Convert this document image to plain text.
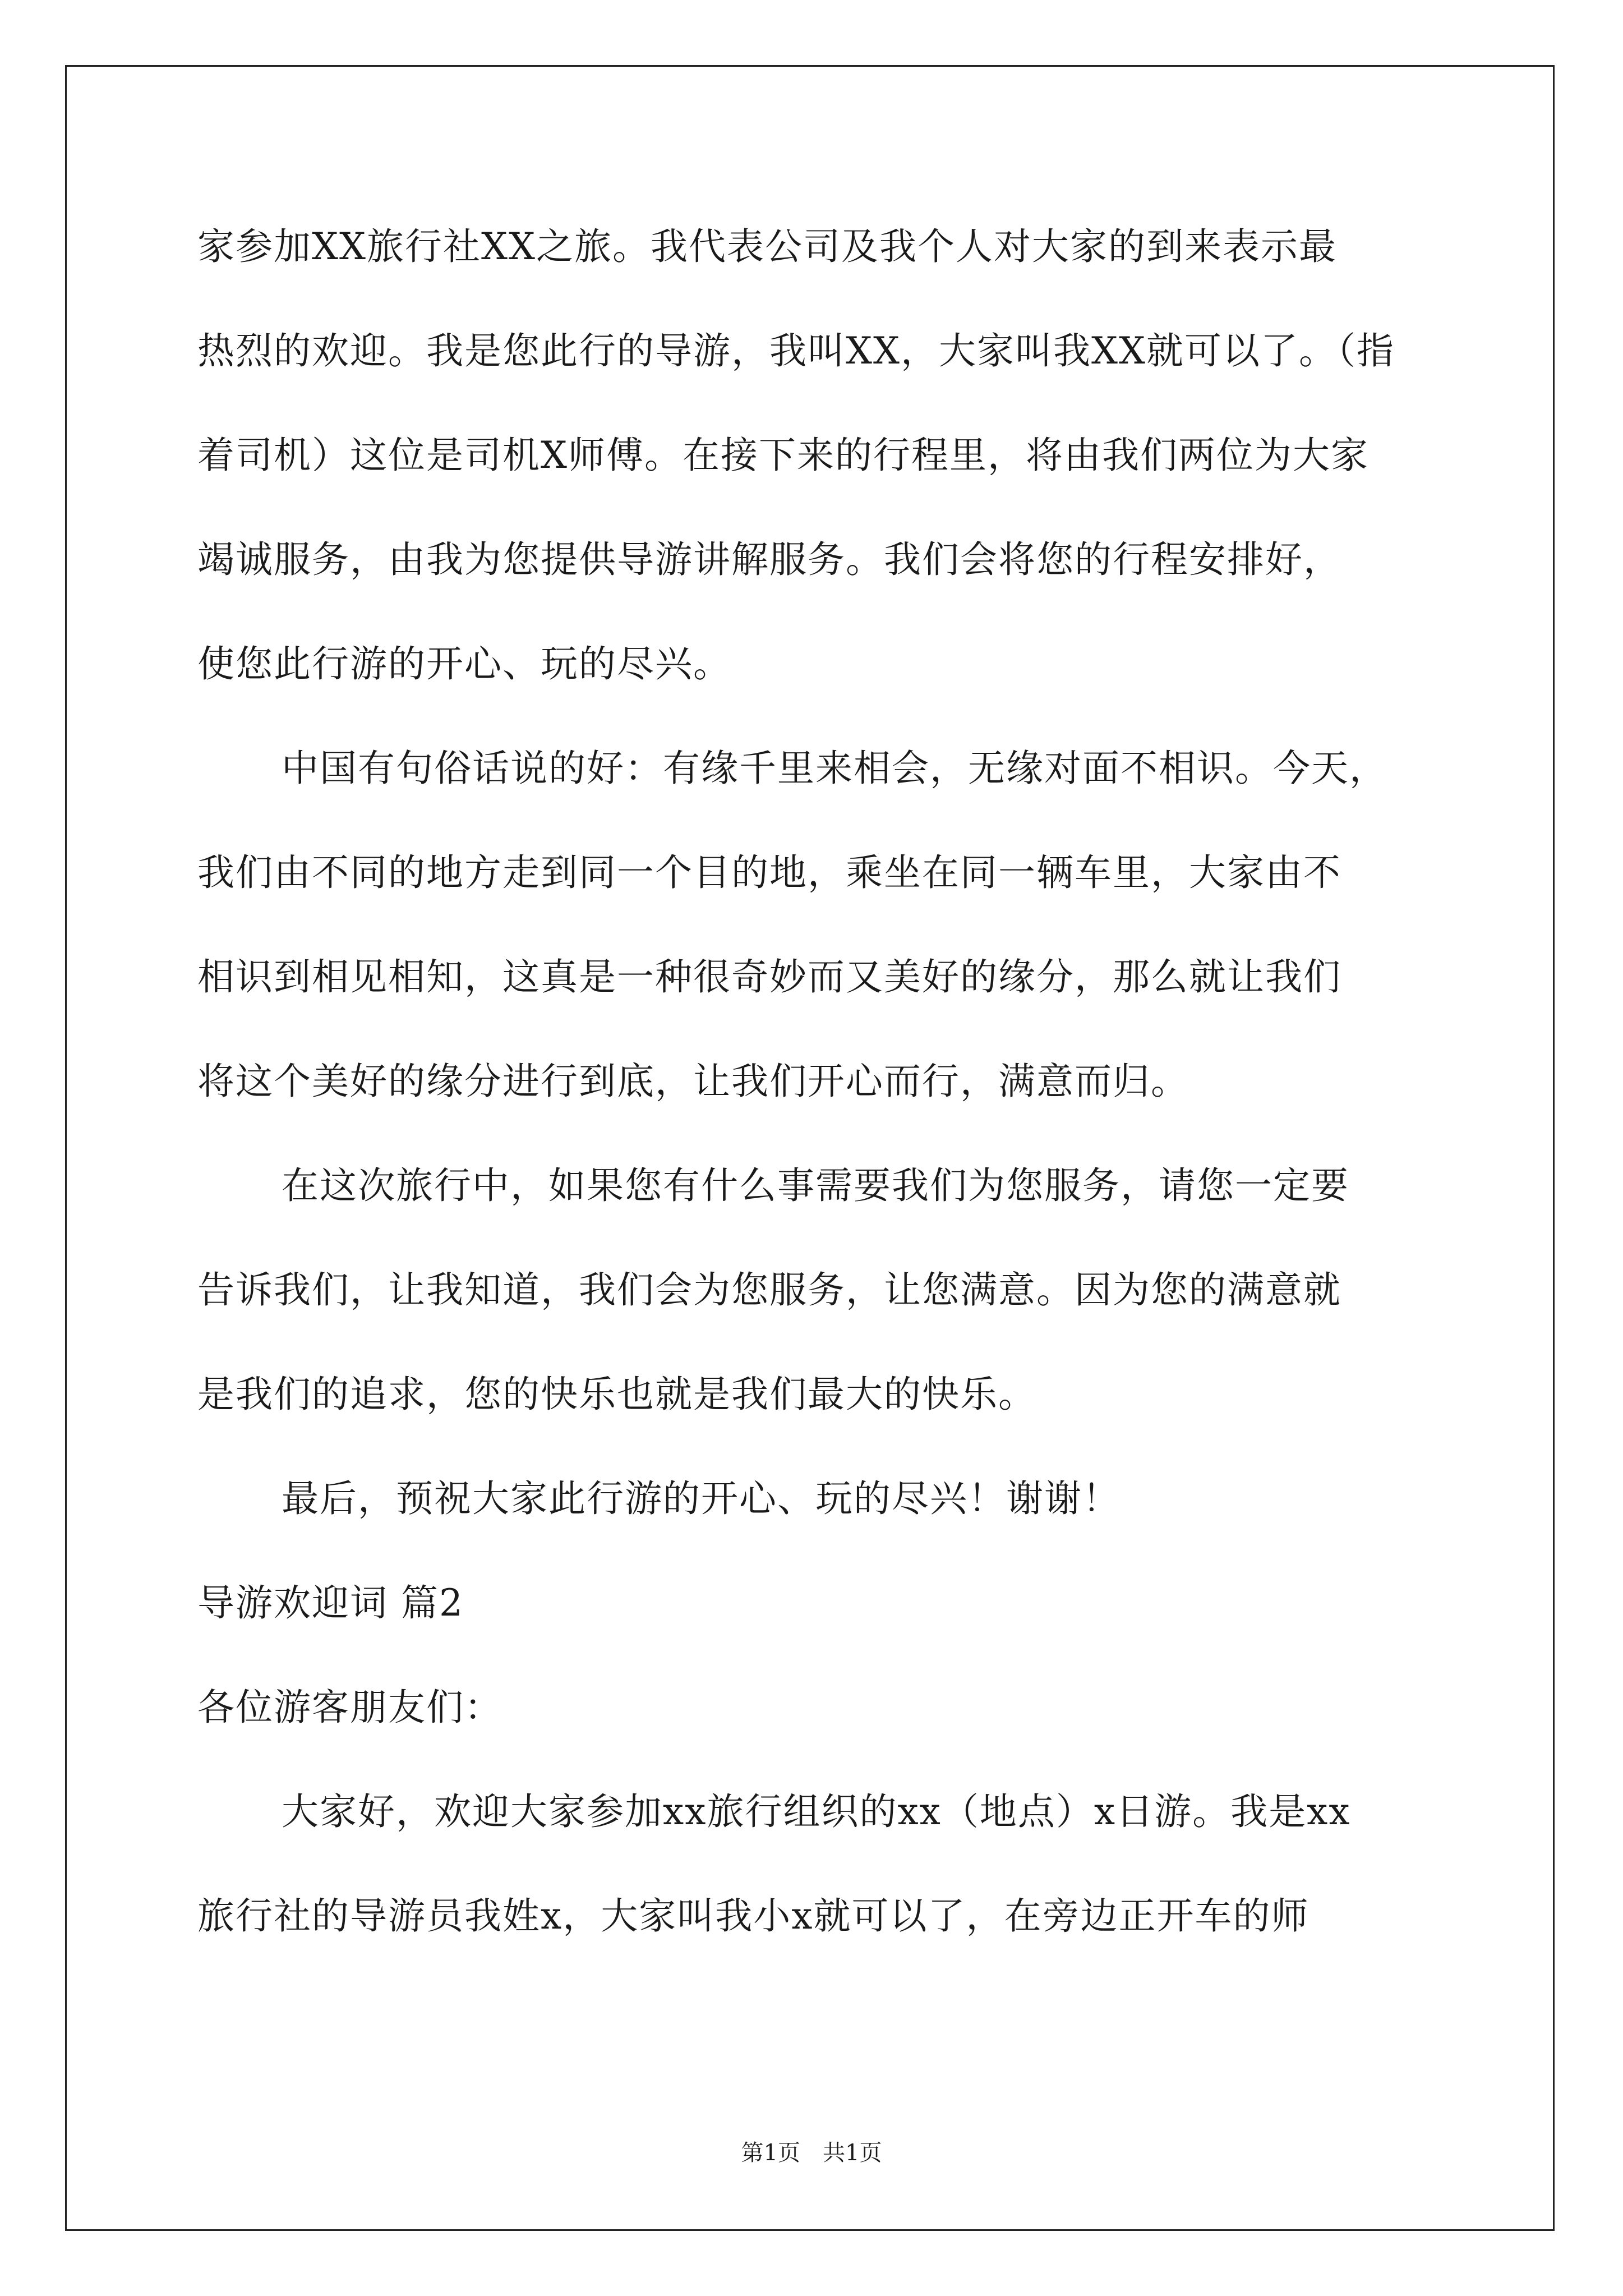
家参加XX旅行社XX之旅。我代表公司及我个人对大家的到来表示最
热烈的欢迎。我是您此行的导游，我叫XX，大家叫我XX就可以了。（指
着司机）这位是司机X师傅。在接下来的行程里，将由我们两位为大家
竭诚服务，由我为您提供导游讲解服务。我们会将您的行程安排好，
使您此行游的开心、玩的尽兴。
中国有句俗话说的好：有缘千里来相会，无缘对面不相识。今天，
我们由不同的地方走到同一个目的地，乘坐在同一辆车里，大家由不
相识到相见相知，这真是一种很奇妙而又美好的缘分，那么就让我们
将这个美好的缘分进行到底，让我们开心而行，满意而归。
在这次旅行中，如果您有什么事需要我们为您服务，请您一定要
告诉我们，让我知道，我们会为您服务，让您满意。因为您的满意就
是我们的追求，您的快乐也就是我们最大的快乐。
最后，预祝大家此行游的开心、玩的尽兴！谢谢！
导游欢迎词 篇2
各位游客朋友们：
大家好，欢迎大家参加xx旅行组织的xx（地点）x日游。我是xx
旅行社的导游员我姓x，大家叫我小x就可以了，在旁边正开车的师
第1页　共1页
